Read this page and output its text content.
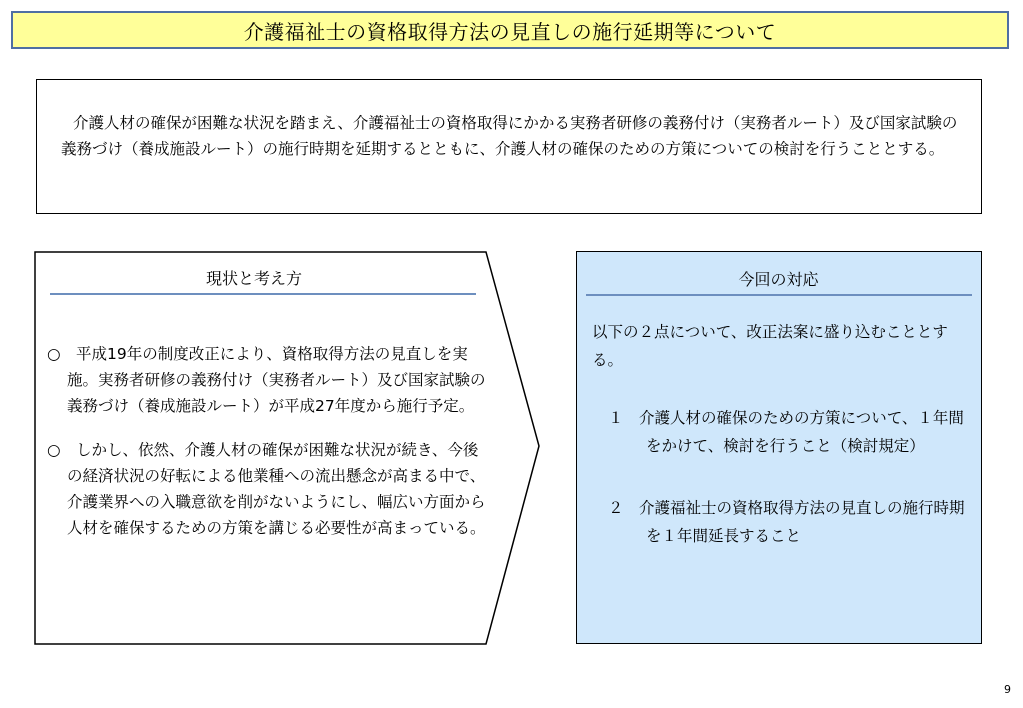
介護福祉士の資格取得方法の見直しの施行延期等について
介護人材の確保が困難な状況を踏まえ、介護福祉士の資格取得にかかる実務者研修の義務付け（実務者ルート）及び国家試験の義務づけ（養成施設ルート）の施行時期を延期するとともに、介護人材の確保のための方策についての検討を行うこととする。
現状と考え方

○　平成19年の制度改正により、資格取得方法の見直しを実施。実務者研修の義務付け（実務者ルート）及び国家試験の義務づけ（養成施設ルート）が平成27年度から施行予定。

○　しかし、依然、介護人材の確保が困難な状況が続き、今後の経済状況の好転による他業種への流出懸念が高まる中で、介護業界への入職意欲を削がないようにし、幅広い方面から人材を確保するための方策を講じる必要性が高まっている。

今回の対応

以下の２点について、改正法案に盛り込むこととする。

１　介護人材の確保のための方策について、１年間をかけて、検討を行うこと（検討規定）

２　介護福祉士の資格取得方法の見直しの施行時期を１年間延長すること

9
